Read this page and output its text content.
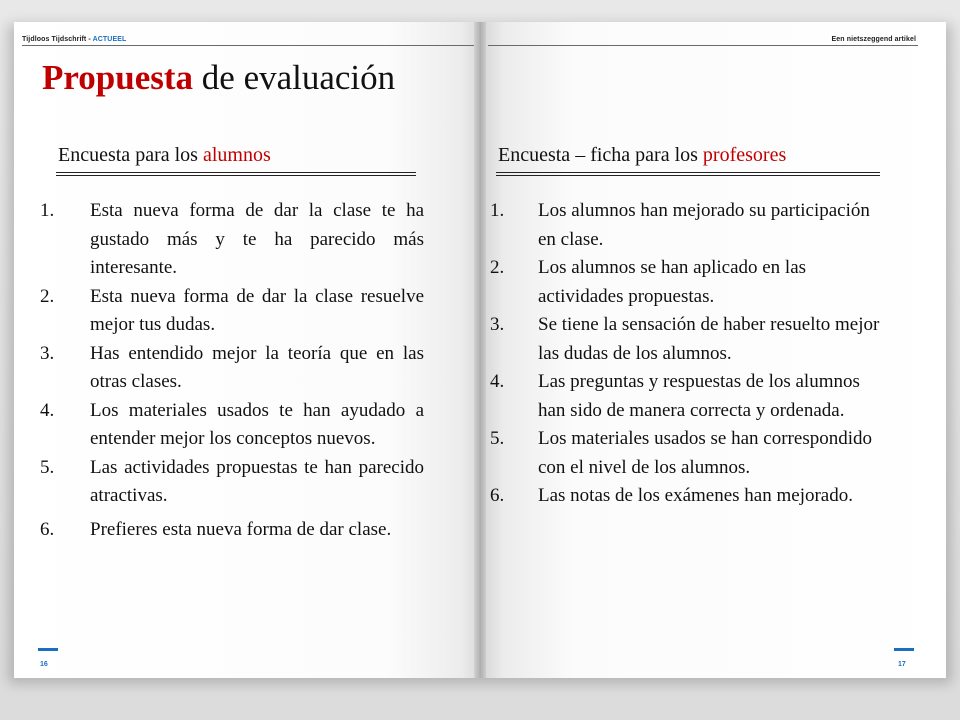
Tijdloos Tijdschrift - ACTUEEL	Een nietszeggend artikel
Propuesta de evaluación
Encuesta para los alumnos	Encuesta – ficha para los profesores
1.	Esta nueva forma de dar la clase te ha gustado más y te ha parecido más interesante.
2.	Esta nueva forma de dar la clase resuelve mejor tus dudas.
3.	Has entendido mejor la teoría que en las otras clases.
4.	Los materiales usados te han ayudado a entender mejor los conceptos nuevos.
5.	Las actividades propuestas te han parecido atractivas.
6.	Prefieres esta nueva forma de dar clase.
1.	Los alumnos han mejorado su participación en clase.
2.	Los alumnos se han aplicado en las actividades propuestas.
3.	Se tiene la sensación de haber resuelto mejor las dudas de los alumnos.
4.	Las preguntas y respuestas de los alumnos han sido de manera correcta y ordenada.
5.	Los materiales usados se han correspondido con el nivel de los alumnos.
6.	Las notas de los exámenes han mejorado.
16	17
